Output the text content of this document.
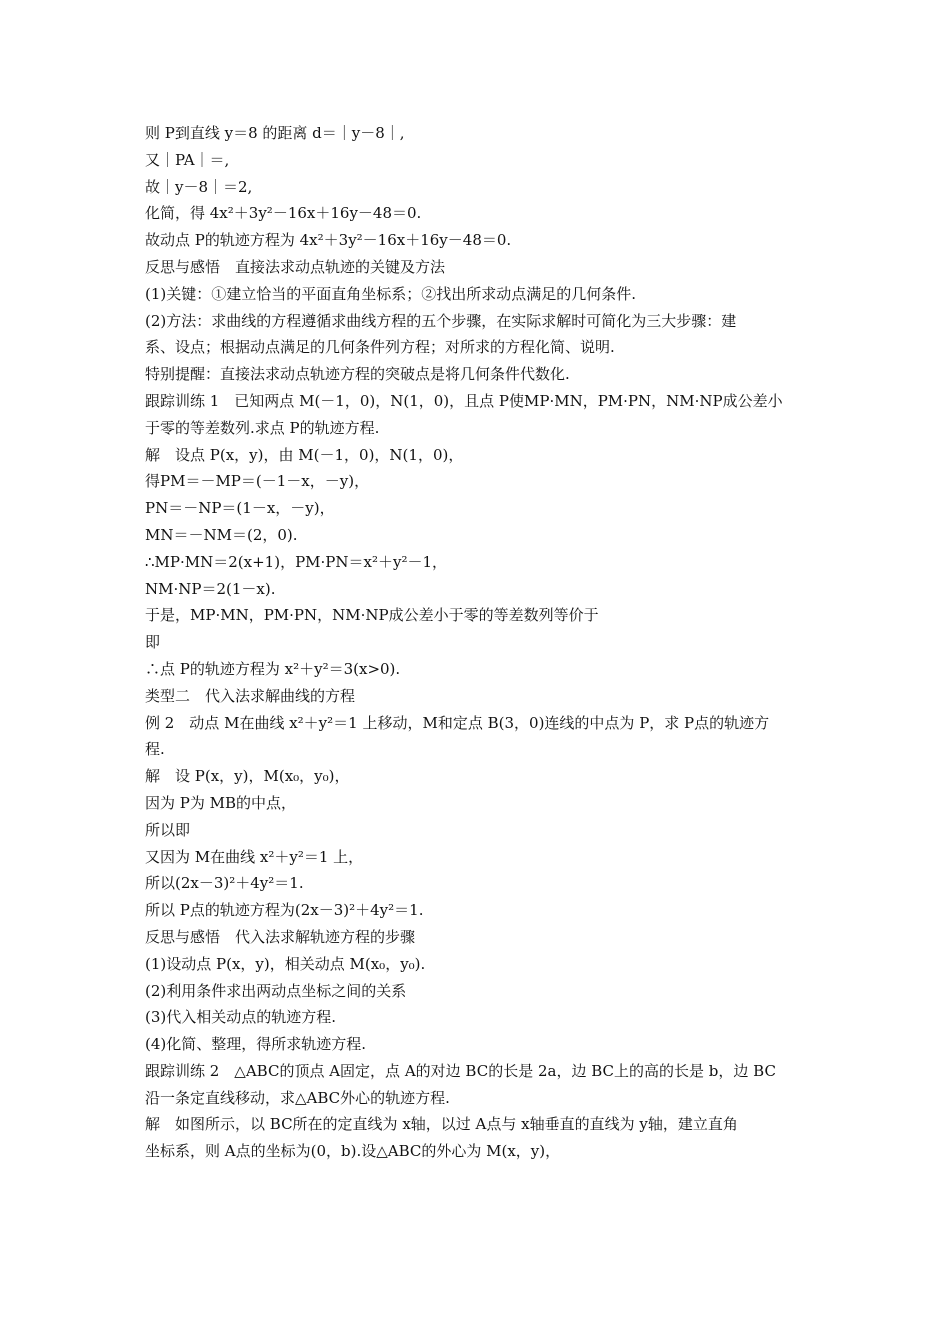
则 P到直线 y＝8 的距离 d＝｜y－8｜,
又｜PA｜＝,
故｜y－8｜＝2,
化简，得 4x²＋3y²－16x＋16y－48＝0.
故动点 P的轨迹方程为 4x²＋3y²－16x＋16y－48＝0.
反思与感悟　直接法求动点轨迹的关键及方法
(1)关键：①建立恰当的平面直角坐标系；②找出所求动点满足的几何条件.
(2)方法：求曲线的方程遵循求曲线方程的五个步骤，在实际求解时可简化为三大步骤：建
系、设点；根据动点满足的几何条件列方程；对所求的方程化简、说明.
特别提醒：直接法求动点轨迹方程的突破点是将几何条件代数化.
跟踪训练 1　已知两点 M(－1，0)，N(1，0)，且点 P使MP·MN，PM·PN，NM·NP成公差小
于零的等差数列.求点 P的轨迹方程.
解　设点 P(x，y)，由 M(－1，0)，N(1，0)，
得PM＝－MP＝(－1－x，－y)，
PN＝－NP＝(1－x，－y)，
MN＝－NM＝(2，0).
∴MP·MN＝2(x+1)，PM·PN＝x²＋y²－1，
NM·NP＝2(1－x).
于是，MP·MN，PM·PN，NM·NP成公差小于零的等差数列等价于
即
∴点 P的轨迹方程为 x²＋y²＝3(x>0).
类型二　代入法求解曲线的方程
例 2　动点 M在曲线 x²＋y²＝1 上移动，M和定点 B(3，0)连线的中点为 P，求 P点的轨迹方
程.
解　设 P(x，y)，M(x₀，y₀)，
因为 P为 MB的中点，
所以即
又因为 M在曲线 x²＋y²＝1 上，
所以(2x－3)²＋4y²＝1.
所以 P点的轨迹方程为(2x－3)²＋4y²＝1.
反思与感悟　代入法求解轨迹方程的步骤
(1)设动点 P(x，y)，相关动点 M(x₀，y₀).
(2)利用条件求出两动点坐标之间的关系
(3)代入相关动点的轨迹方程.
(4)化简、整理，得所求轨迹方程.
跟踪训练 2　△ABC的顶点 A固定，点 A的对边 BC的长是 2a，边 BC上的高的长是 b，边 BC
沿一条定直线移动，求△ABC外心的轨迹方程.
解　如图所示，以 BC所在的定直线为 x轴，以过 A点与 x轴垂直的直线为 y轴，建立直角
坐标系，则 A点的坐标为(0，b).设△ABC的外心为 M(x，y)，
